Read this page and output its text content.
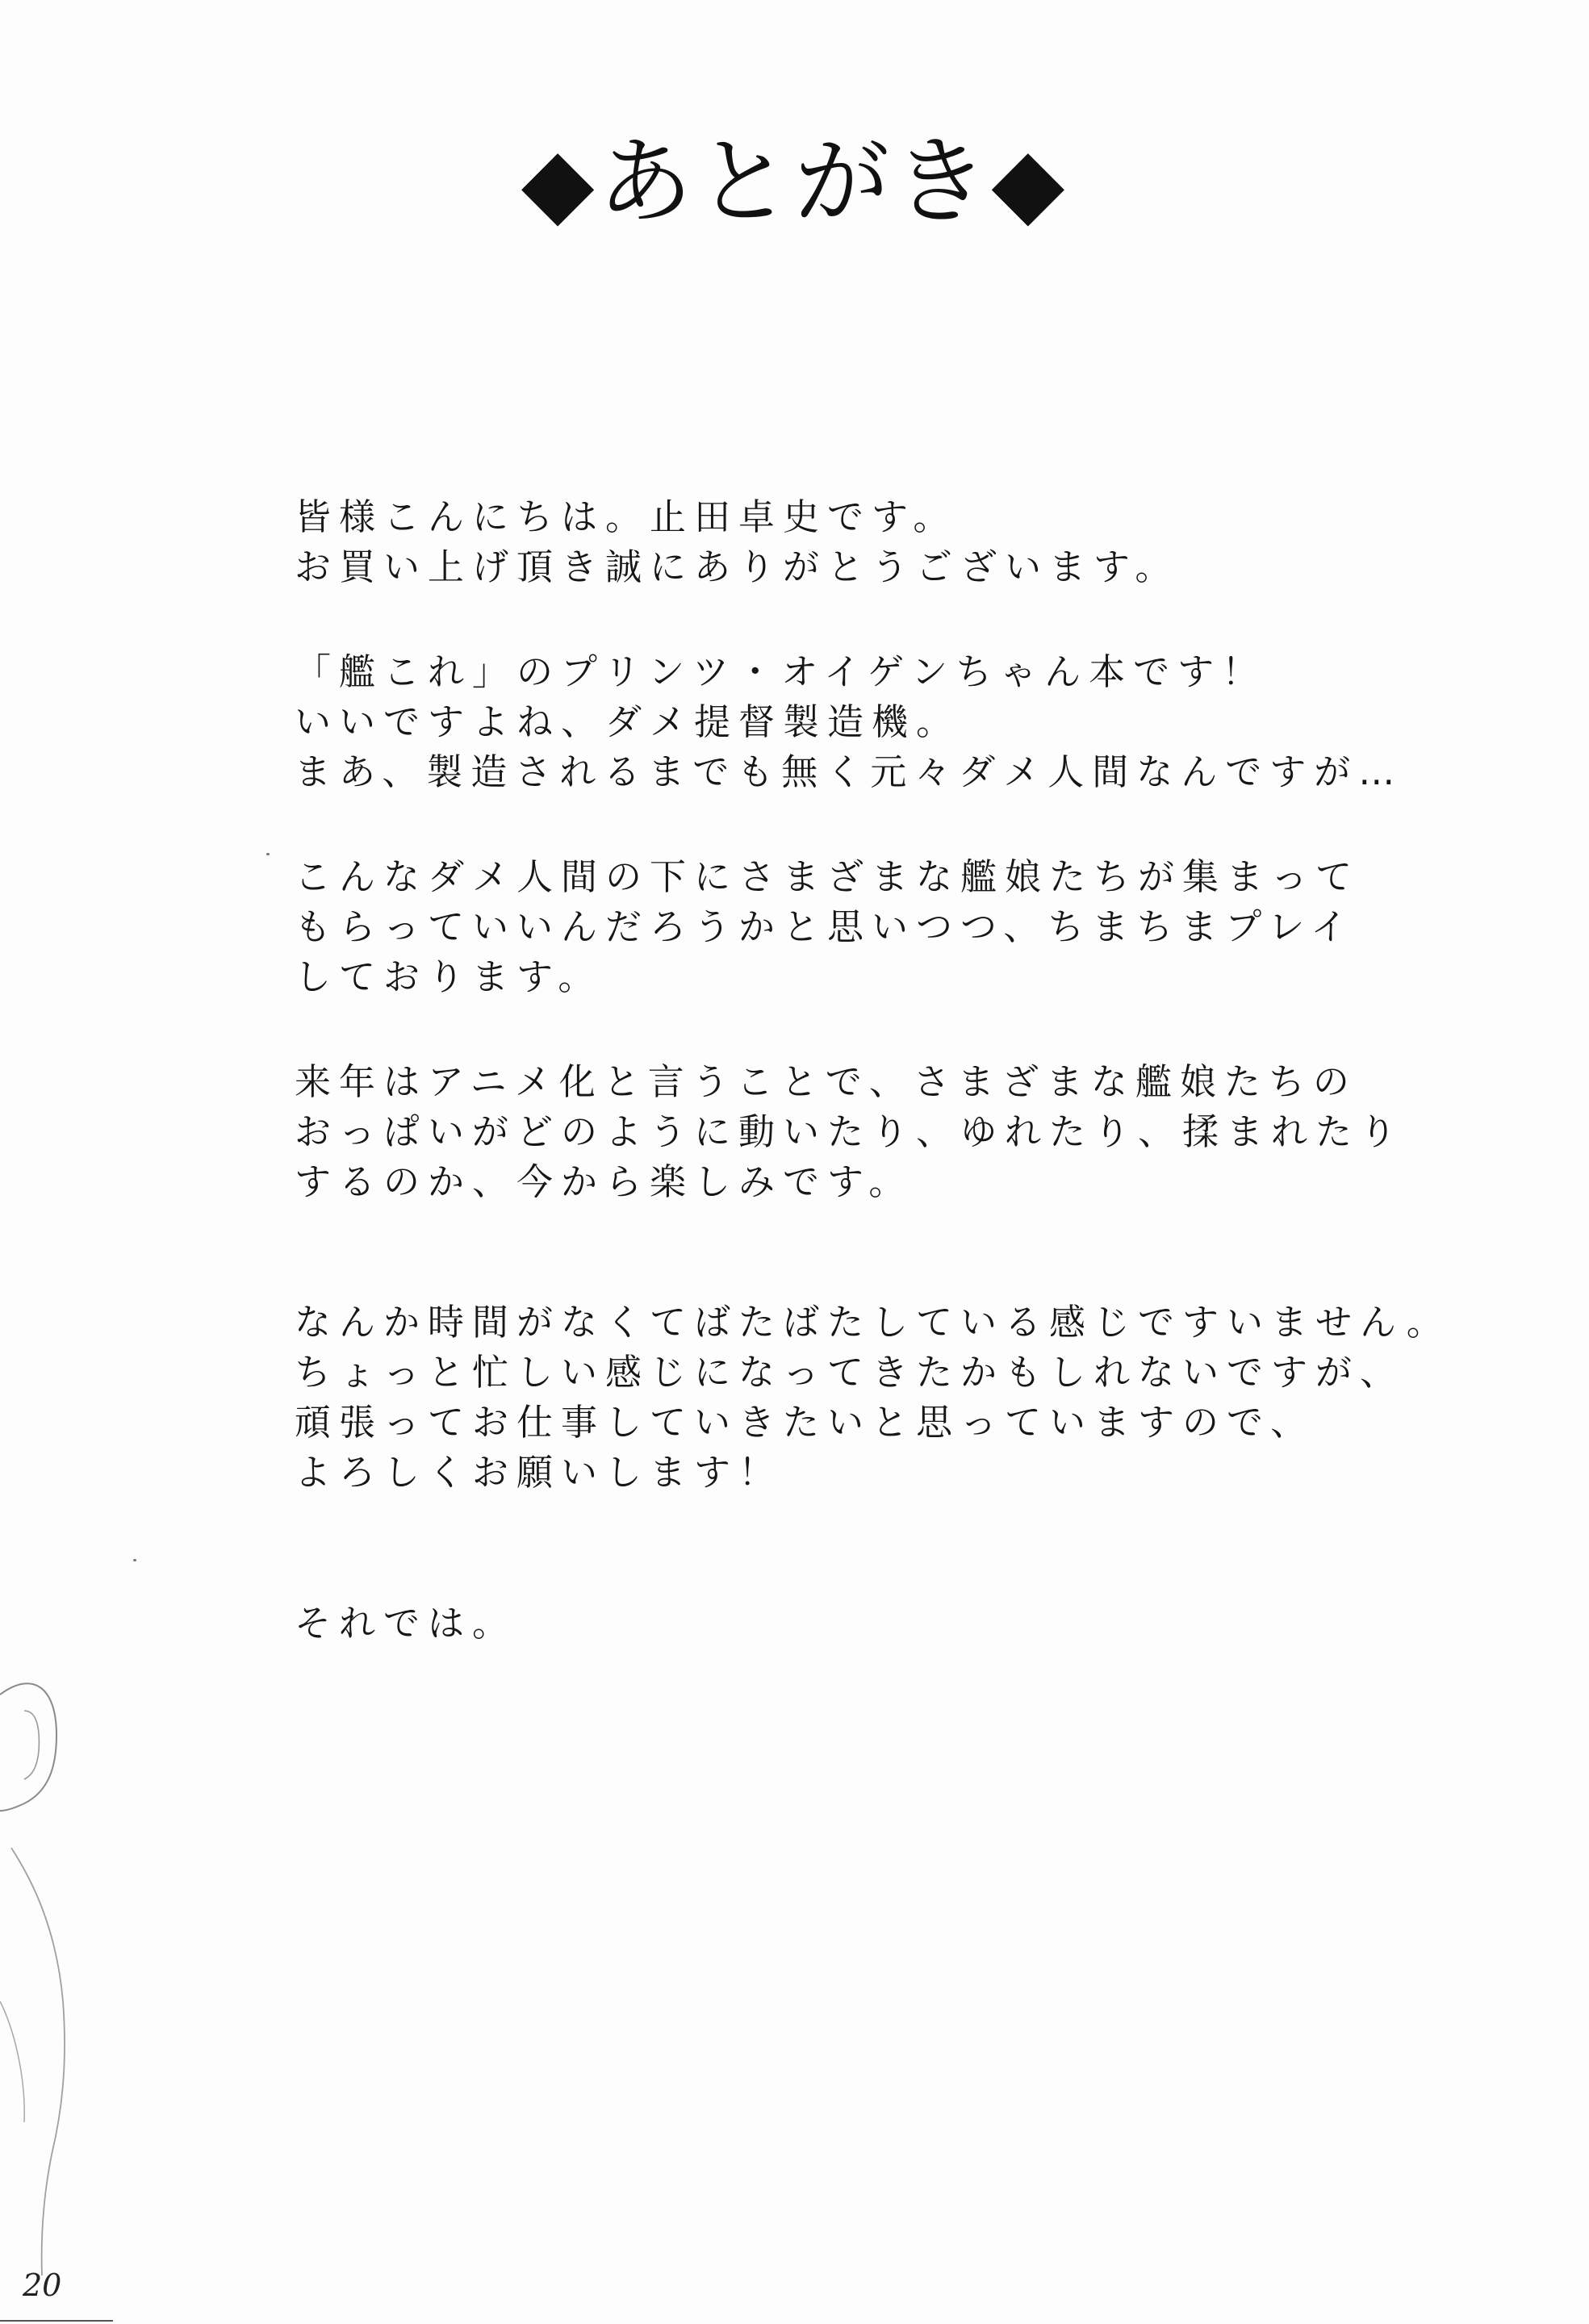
◆あとがき◆
皆様こんにちは。止田卓史です。
お買い上げ頂き誠にありがとうございます。
「艦これ」のプリンツ・オイゲンちゃん本です！
いいですよね、ダメ提督製造機。
まあ、製造されるまでも無く元々ダメ人間なんですが…
こんなダメ人間の下にさまざまな艦娘たちが集まって
もらっていいんだろうかと思いつつ、ちまちまプレイ
しております。
来年はアニメ化と言うことで、さまざまな艦娘たちの
おっぱいがどのように動いたり、ゆれたり、揉まれたり
するのか、今から楽しみです。
なんか時間がなくてばたばたしている感じですいません。
ちょっと忙しい感じになってきたかもしれないですが、
頑張ってお仕事していきたいと思っていますので、
よろしくお願いします！
それでは。
20
